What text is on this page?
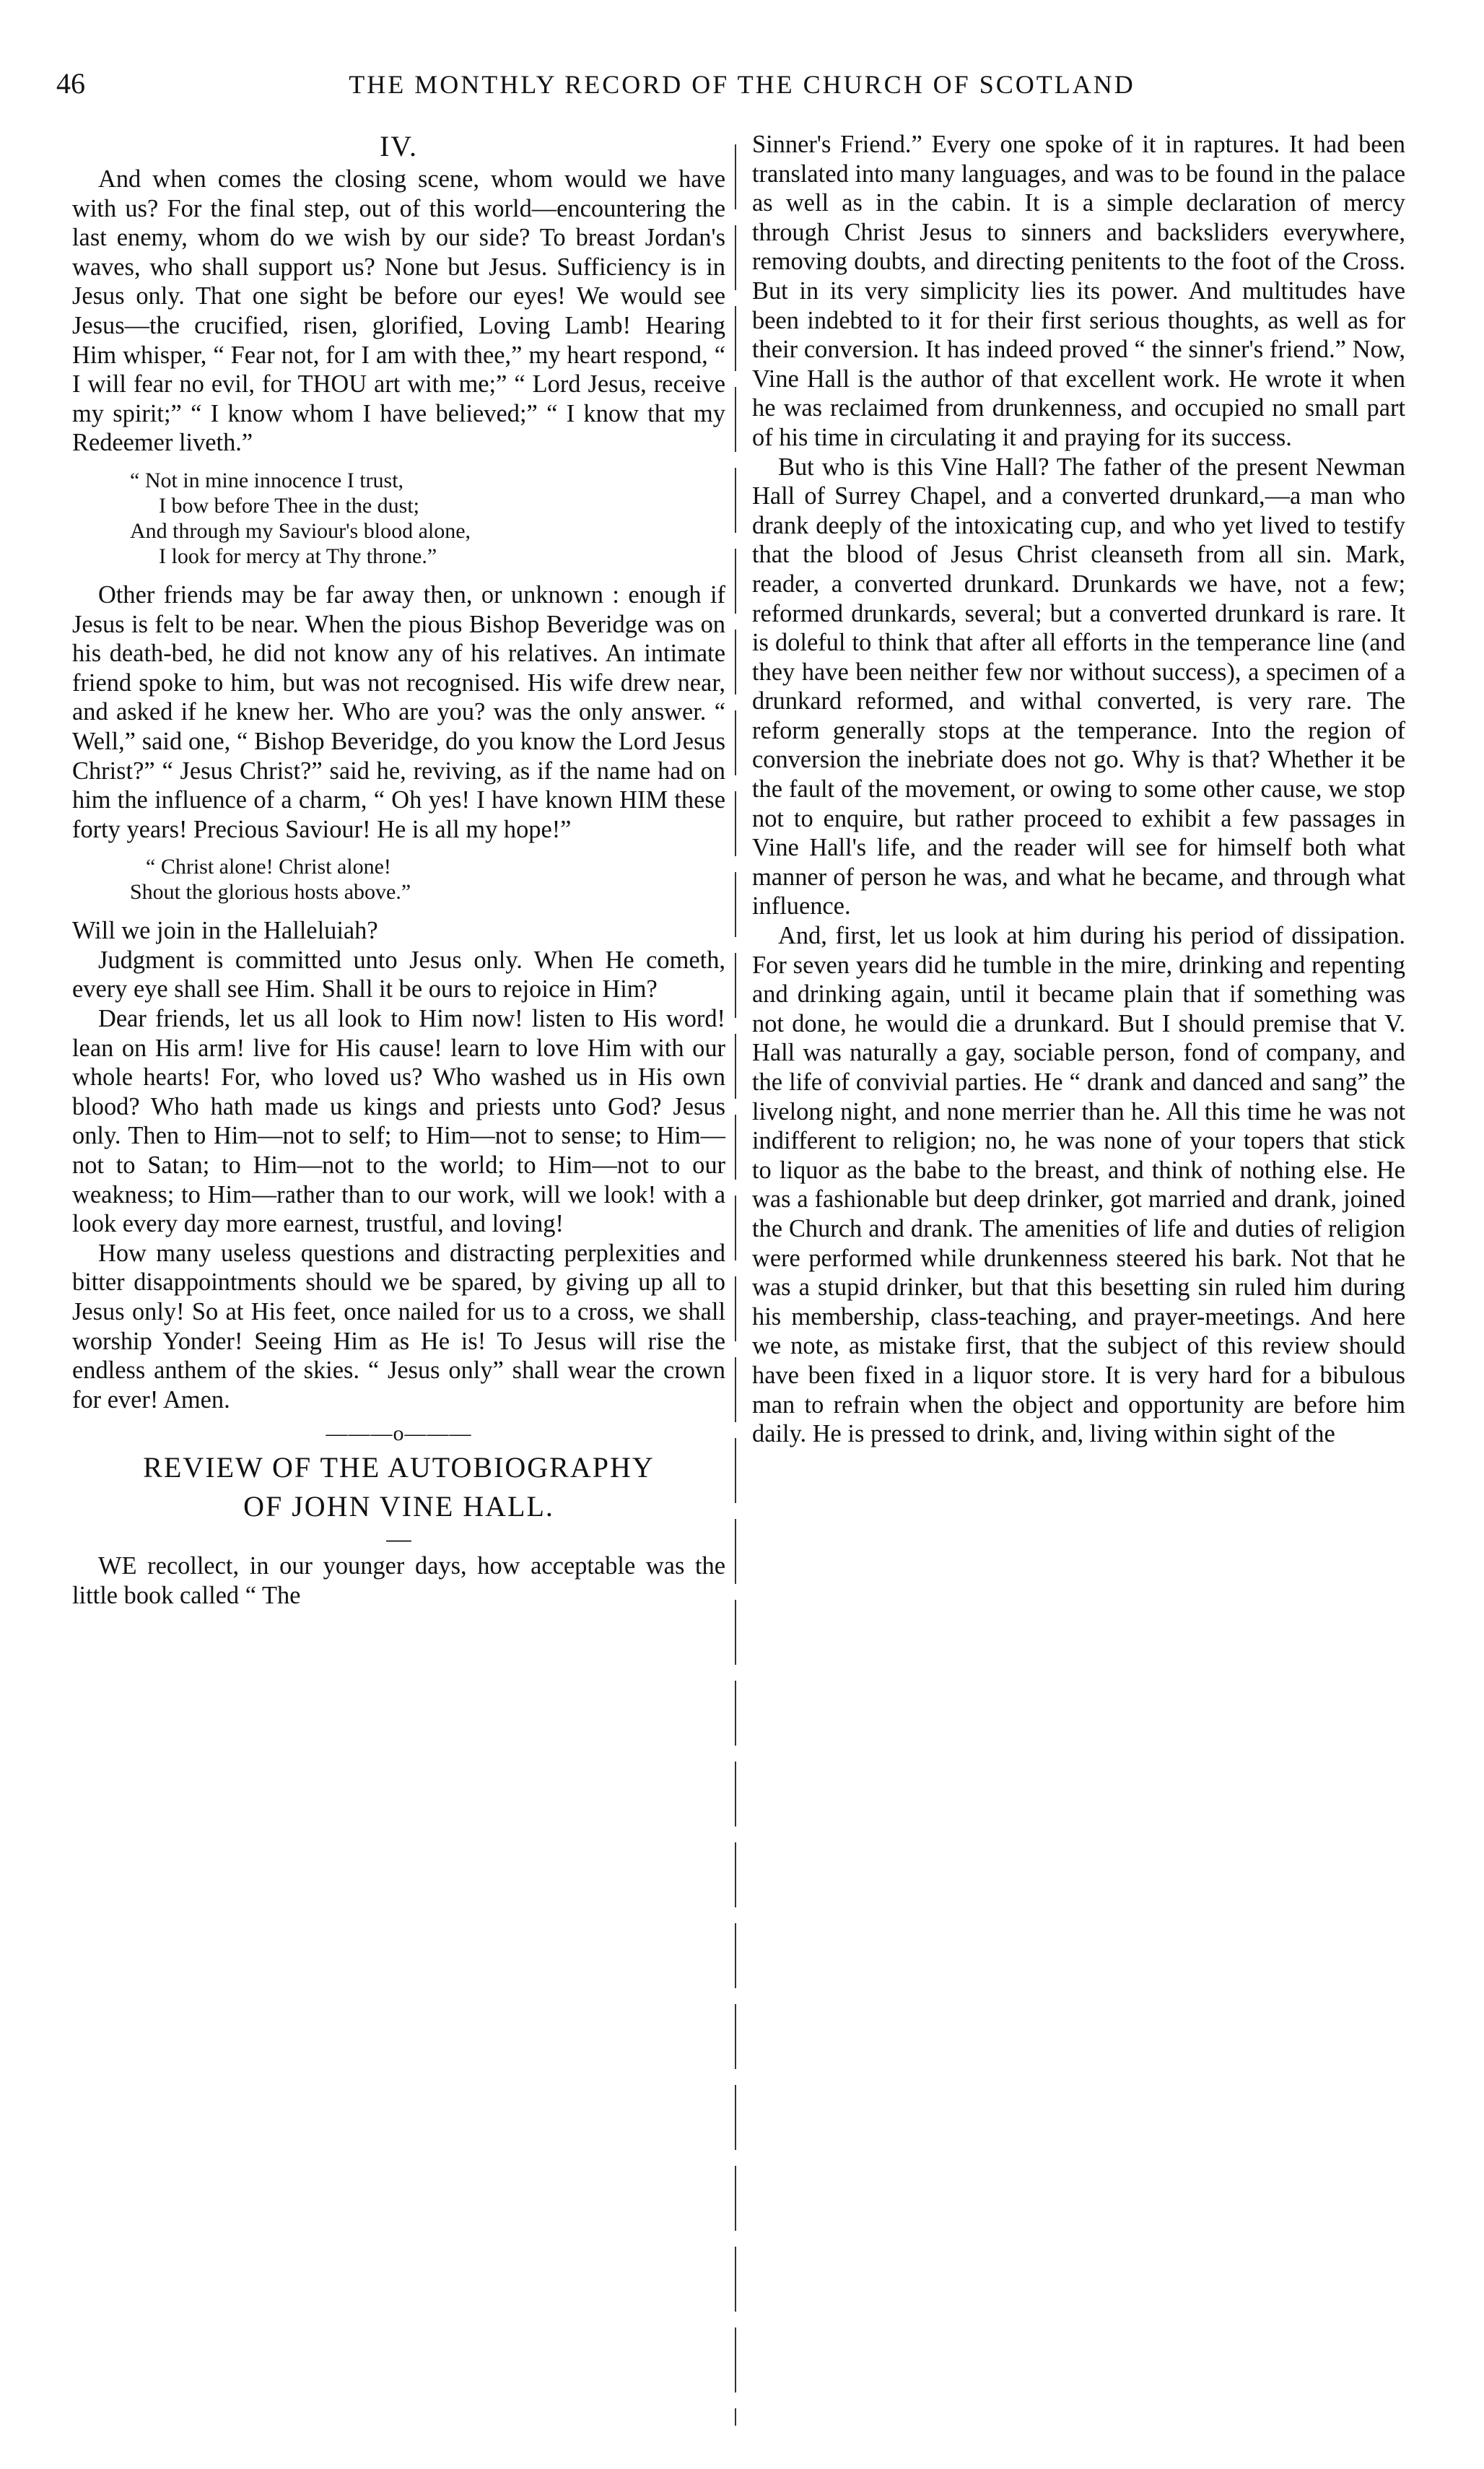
46	THE MONTHLY RECORD OF THE CHURCH OF SCOTLAND
IV.

And when comes the closing scene, whom would we have with us? For the final step, out of this world—encountering the last enemy, whom do we wish by our side? To breast Jordan's waves, who shall support us? None but Jesus. Sufficiency is in Jesus only. That one sight be before our eyes! We would see Jesus—the crucified, risen, glorified, Loving Lamb! Hearing Him whisper, “ Fear not, for I am with thee,” my heart respond, “ I will fear no evil, for THOU art with me;” “ Lord Jesus, receive my spirit;” “ I know whom I have believed;” “ I know that my Redeemer liveth.”

“ Not in mine innocence I trust,
I bow before Thee in the dust;
And through my Saviour's blood alone,
I look for mercy at Thy throne.”

Other friends may be far away then, or unknown : enough if Jesus is felt to be near. When the pious Bishop Beveridge was on his death-bed, he did not know any of his relatives. An intimate friend spoke to him, but was not recognised. His wife drew near, and asked if he knew her. Who are you? was the only answer. “ Well,” said one, “ Bishop Beveridge, do you know the Lord Jesus Christ?” “ Jesus Christ?” said he, reviving, as if the name had on him the influence of a charm, “ Oh yes! I have known HIM these forty years! Precious Saviour! He is all my hope!”

“ Christ alone! Christ alone!
Shout the glorious hosts above.”

Will we join in the Halleluiah?

Judgment is committed unto Jesus only. When He cometh, every eye shall see Him. Shall it be ours to rejoice in Him?

Dear friends, let us all look to Him now! listen to His word! lean on His arm! live for His cause! learn to love Him with our whole hearts! For, who loved us? Who washed us in His own blood? Who hath made us kings and priests unto God? Jesus only. Then to Him—not to self; to Him—not to sense; to Him—not to Satan; to Him—not to the world; to Him—not to our weakness; to Him—rather than to our work, will we look! with a look every day more earnest, trustful, and loving!

How many useless questions and distracting perplexities and bitter disappointments should we be spared, by giving up all to Jesus only! So at His feet, once nailed for us to a cross, we shall worship Yonder! Seeing Him as He is! To Jesus will rise the endless anthem of the skies. “ Jesus only” shall wear the crown for ever! Amen.

———o———
REVIEW OF THE AUTOBIOGRAPHY
OF JOHN VINE HALL.
—

WE recollect, in our younger days, how acceptable was the little book called “ The

Sinner's Friend.” Every one spoke of it in raptures. It had been translated into many languages, and was to be found in the palace as well as in the cabin. It is a simple declaration of mercy through Christ Jesus to sinners and backsliders everywhere, removing doubts, and directing penitents to the foot of the Cross. But in its very simplicity lies its power. And multitudes have been indebted to it for their first serious thoughts, as well as for their conversion. It has indeed proved “ the sinner's friend.” Now, Vine Hall is the author of that excellent work. He wrote it when he was reclaimed from drunkenness, and occupied no small part of his time in circulating it and praying for its success.

But who is this Vine Hall? The father of the present Newman Hall of Surrey Chapel, and a converted drunkard,—a man who drank deeply of the intoxicating cup, and who yet lived to testify that the blood of Jesus Christ cleanseth from all sin. Mark, reader, a converted drunkard. Drunkards we have, not a few; reformed drunkards, several; but a converted drunkard is rare. It is doleful to think that after all efforts in the temperance line (and they have been neither few nor without success), a specimen of a drunkard reformed, and withal converted, is very rare. The reform generally stops at the temperance. Into the region of conversion the inebriate does not go. Why is that? Whether it be the fault of the movement, or owing to some other cause, we stop not to enquire, but rather proceed to exhibit a few passages in Vine Hall's life, and the reader will see for himself both what manner of person he was, and what he became, and through what influence.

And, first, let us look at him during his period of dissipation. For seven years did he tumble in the mire, drinking and repenting and drinking again, until it became plain that if something was not done, he would die a drunkard. But I should premise that V. Hall was naturally a gay, sociable person, fond of company, and the life of convivial parties. He “ drank and danced and sang” the livelong night, and none merrier than he. All this time he was not indifferent to religion; no, he was none of your topers that stick to liquor as the babe to the breast, and think of nothing else. He was a fashionable but deep drinker, got married and drank, joined the Church and drank. The amenities of life and duties of religion were performed while drunkenness steered his bark. Not that he was a stupid drinker, but that this besetting sin ruled him during his membership, class-teaching, and prayer-meetings. And here we note, as mistake first, that the subject of this review should have been fixed in a liquor store. It is very hard for a bibulous man to refrain when the object and opportunity are before him daily. He is pressed to drink, and, living within sight of the
